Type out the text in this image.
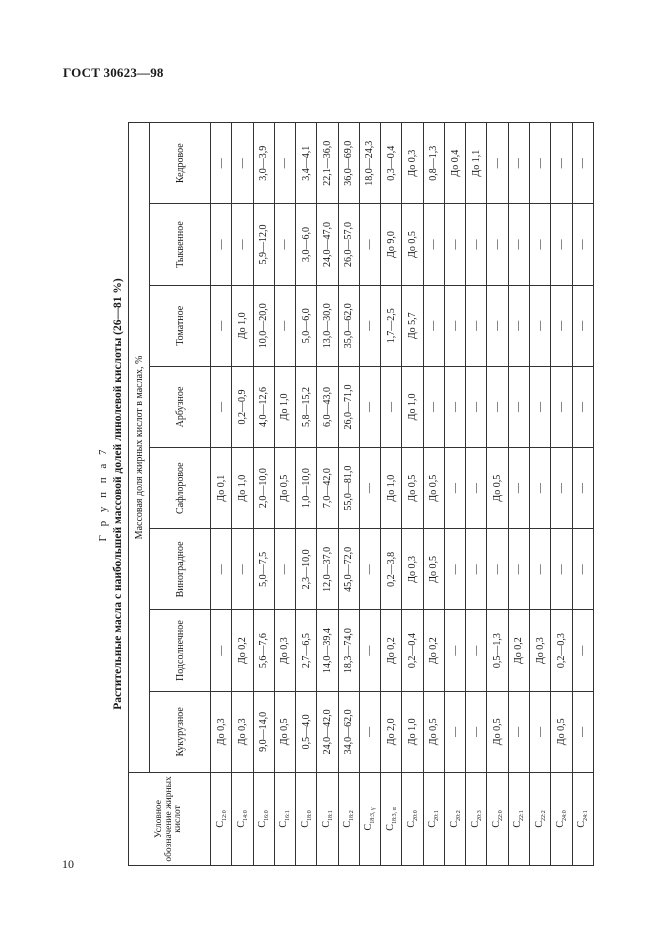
ГОСТ 30623—98
Г р у п п а 7 Растительные масла с наибольшей массовой долей линолевой кислоты (26—81 %)
Условное обозначение жирных кислот	Массовая доля жирных кислот в маслах, %							
	Кукурузное	Подсолнечное	Виноградное	Сафлоровое	Арбузное	Томатное	Тыквенное	Кедровое
$C_{12:0}$	До 0,3	—	—	До 0,1	—	—	—	—
$C_{14:0}$	До 0,3	До 0,2	—	До 1,0	0,2—0,9	До 1,0	—	—
$C_{16:0}$	9,0—14,0	5,6—7,6	5,0—7,5	2,0—10,0	4,0—12,6	10,0—20,0	5,9—12,0	3,0—3,9
$C_{16:1}$	До 0,5	До 0,3	—	До 0,5	До 1,0	—	—	—
$C_{18:0}$	0,5—4,0	2,7—6,5	2,3—10,0	1,0—10,0	5,8—15,2	5,0—6,0	3,0—6,0	3,4—4,1
$C_{18:1}$	24,0—42,0	14,0—39,4	12,0—37,0	7,0—42,0	6,0—43,0	13,0—30,0	24,0—47,0	22,1—36,0
$C_{18:2}$	34,0—62,0	18,3—74,0	45,0—72,0	55,0—81,0	26,0—71,0	35,0—62,0	26,0—57,0	36,0—69,0
$C_{18:3, \gamma}$	—	—	—	—	—	—	—	18,0—24,3
$C_{18:3, \alpha}$	До 2,0	До 0,2	0,2—3,8	До 1,0	—	1,7—2,5	До 9,0	0,3—0,4
$C_{20:0}$	До 1,0	0,2—0,4	До 0,3	До 0,5	До 1,0	До 5,7	До 0,5	До 0,3
$C_{20:1}$	До 0,5	До 0,2	До 0,5	До 0,5	—	—	—	0,8—1,3
$C_{20:2}$	—	—	—	—	—	—	—	До 0,4
$C_{20:3}$	—	—	—	—	—	—	—	До 1,1
$C_{22:0}$	До 0,5	0,5—1,3	—	До 0,5	—	—	—	—
$C_{22:1}$	—	До 0,2	—	—	—	—	—	—
$C_{22:2}$	—	До 0,3	—	—	—	—	—	—
$C_{24:0}$	До 0,5	0,2—0,3	—	—	—	—	—	—
$C_{24:1}$	—	—	—	—	—	—	—	—
10
